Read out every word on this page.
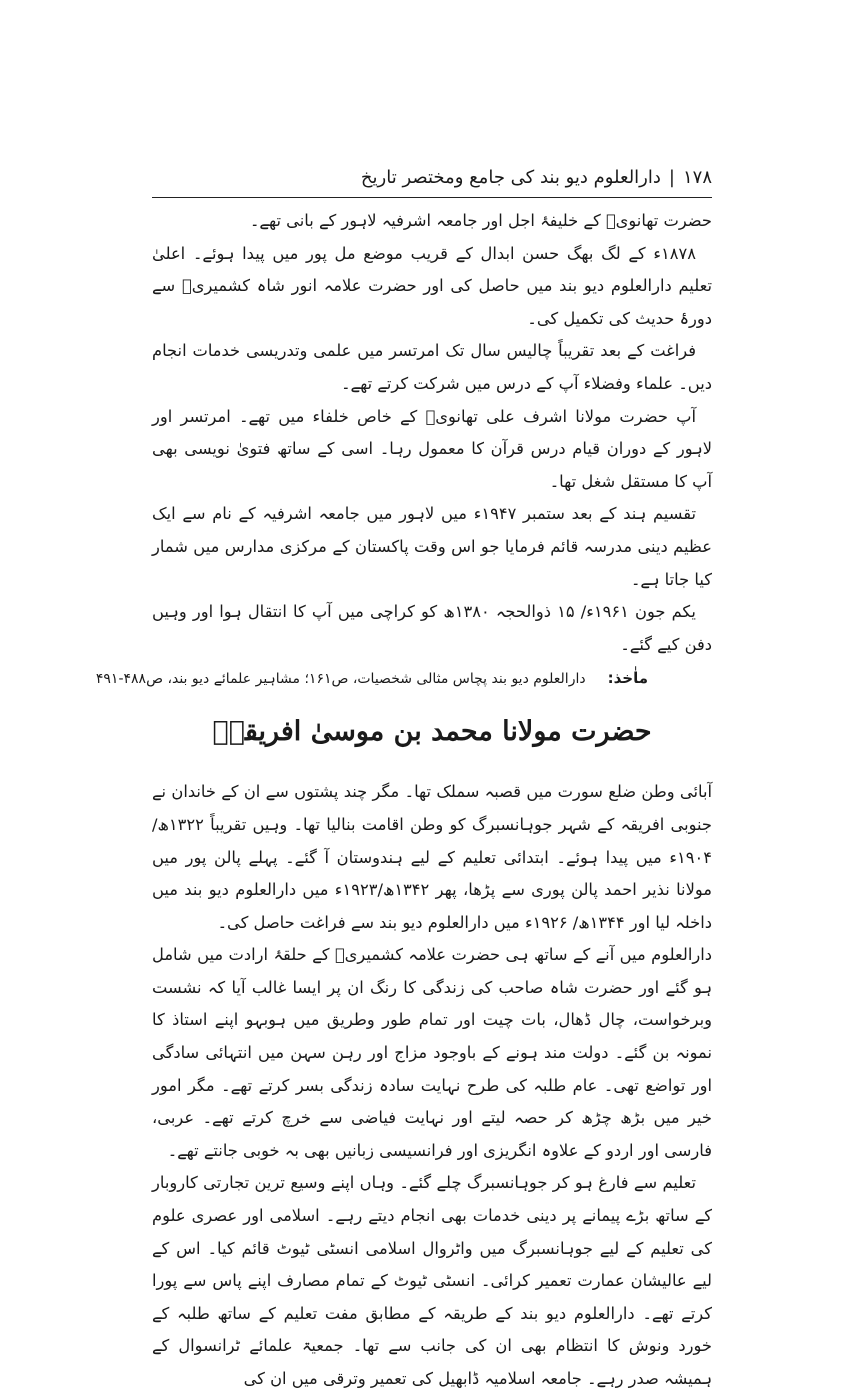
۱۷۸|دارالعلوم دیو بند کی جامع ومختصر تاریخ

حضرت تھانویؒ کے خلیفۂ اجل اور جامعہ اشرفیہ لاہور کے بانی تھے۔

۱۸۷۸ء کے لگ بھگ حسن ابدال کے قریب موضع مل پور میں پیدا ہوئے۔ اعلیٰ تعلیم دارالعلوم دیو بند میں حاصل کی اور حضرت علامہ انور شاہ کشمیریؒ سے دورۂ حدیث کی تکمیل کی۔

فراغت کے بعد تقریباً چالیس سال تک امرتسر میں علمی وتدریسی خدمات انجام دیں۔ علماء وفضلاء آپ کے درس میں شرکت کرتے تھے۔

آپ حضرت مولانا اشرف علی تھانویؒ کے خاص خلفاء میں تھے۔ امرتسر اور لاہور کے دوران قیام درس قرآن کا معمول رہا۔ اسی کے ساتھ فتویٰ نویسی بھی آپ کا مستقل شغل تھا۔

تقسیم ہند کے بعد ستمبر ۱۹۴۷ء میں لاہور میں جامعہ اشرفیہ کے نام سے ایک عظیم دینی مدرسہ قائم فرمایا جو اس وقت پاکستان کے مرکزی مدارس میں شمار کیا جاتا ہے۔

یکم جون ۱۹۶۱ء/ ۱۵ ذوالحجہ ۱۳۸۰ھ کو کراچی میں آپ کا انتقال ہوا اور وہیں دفن کیے گئے۔

ماٰخذ:دارالعلوم دیو بند پچاس مثالی شخصیات، ص۱۶۱؛ مشاہیر علمائے دیو بند، ص۴۸۸-۴۹۱

حضرت مولانا محمد بن موسیٰ افریقیؒ

آبائی وطن ضلع سورت میں قصبہ سملک تھا۔ مگر چند پشتوں سے ان کے خاندان نے جنوبی افریقہ کے شہر جوہانسبرگ کو وطن اقامت بنالیا تھا۔ وہیں تقریباً ۱۳۲۲ھ/۱۹۰۴ء میں پیدا ہوئے۔ ابتدائی تعلیم کے لیے ہندوستان آ گئے۔ پہلے پالن پور میں مولانا نذیر احمد پالن پوری سے پڑھا، پھر ۱۳۴۲ھ/۱۹۲۳ء میں دارالعلوم دیو بند میں داخلہ لیا اور ۱۳۴۴ھ/ ۱۹۲۶ء میں دارالعلوم دیو بند سے فراغت حاصل کی۔

دارالعلوم میں آنے کے ساتھ ہی حضرت علامہ کشمیریؒ کے حلقۂ ارادت میں شامل ہو گئے اور حضرت شاہ صاحب کی زندگی کا رنگ ان پر ایسا غالب آیا کہ نشست وبرخواست، چال ڈھال، بات چیت اور تمام طور وطریق میں ہوبہو اپنے استاذ کا نمونہ بن گئے۔ دولت مند ہونے کے باوجود مزاج اور رہن سہن میں انتہائی سادگی اور تواضع تھی۔ عام طلبہ کی طرح نہایت سادہ زندگی بسر کرتے تھے۔ مگر امور خیر میں بڑھ چڑھ کر حصہ لیتے اور نہایت فیاضی سے خرچ کرتے تھے۔ عربی، فارسی اور اردو کے علاوہ انگریزی اور فرانسیسی زبانیں بھی بہ خوبی جانتے تھے۔

تعلیم سے فارغ ہو کر جوہانسبرگ چلے گئے۔ وہاں اپنے وسیع ترین تجارتی کاروبار کے ساتھ بڑے پیمانے پر دینی خدمات بھی انجام دیتے رہے۔ اسلامی اور عصری علوم کی تعلیم کے لیے جوہانسبرگ میں واٹروال اسلامی انسٹی ٹیوٹ قائم کیا۔ اس کے لیے عالیشان عمارت تعمیر کرائی۔ انسٹی ٹیوٹ کے تمام مصارف اپنے پاس سے پورا کرتے تھے۔ دارالعلوم دیو بند کے طریقہ کے مطابق مفت تعلیم کے ساتھ طلبہ کے خورد ونوش کا انتظام بھی ان کی جانب سے تھا۔ جمعیۃ علمائے ٹرانسوال کے ہمیشہ صدر رہے۔ جامعہ اسلامیہ ڈابھیل کی تعمیر وترقی میں ان کی
